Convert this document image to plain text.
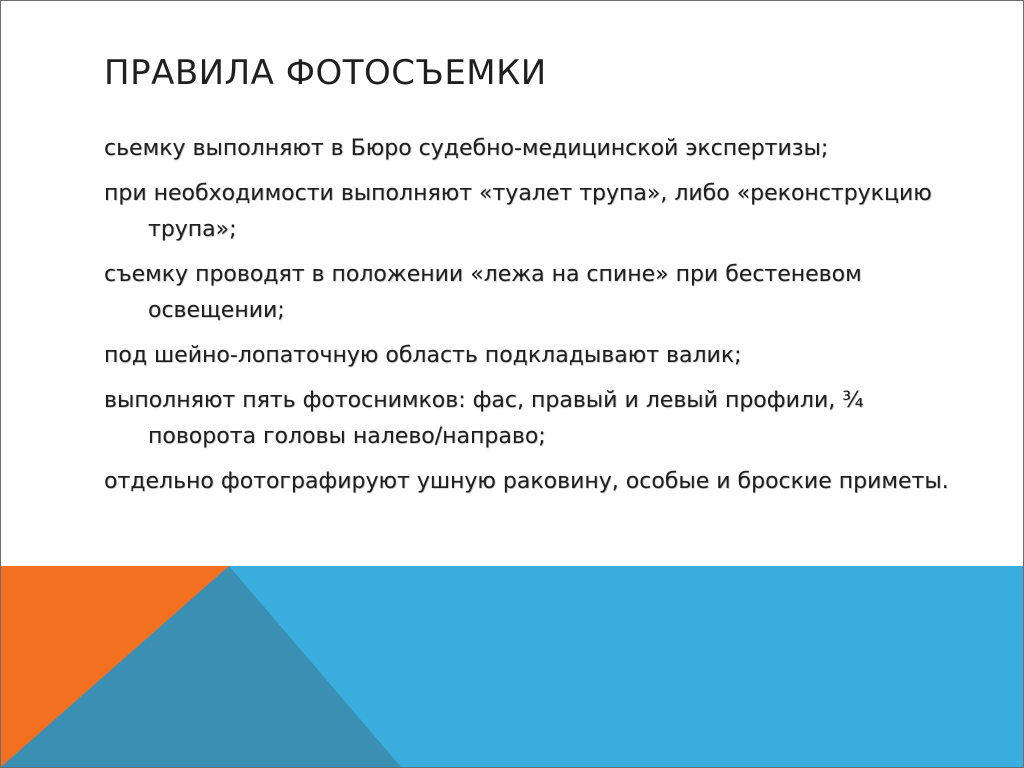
ПРАВИЛА ФОТОСЪЕМКИ
сьемку выполняют в Бюро судебно-медицинской экспертизы;
при необходимости выполняют «туалет трупа», либо «реконструкцию трупа»;
съемку проводят в положении «лежа на спине» при бестеневом освещении;
под шейно-лопаточную область подкладывают валик;
выполняют пять фотоснимков: фас, правый и левый профили, ¾ поворота головы налево/направо;
отдельно фотографируют ушную раковину, особые и броские приметы.
